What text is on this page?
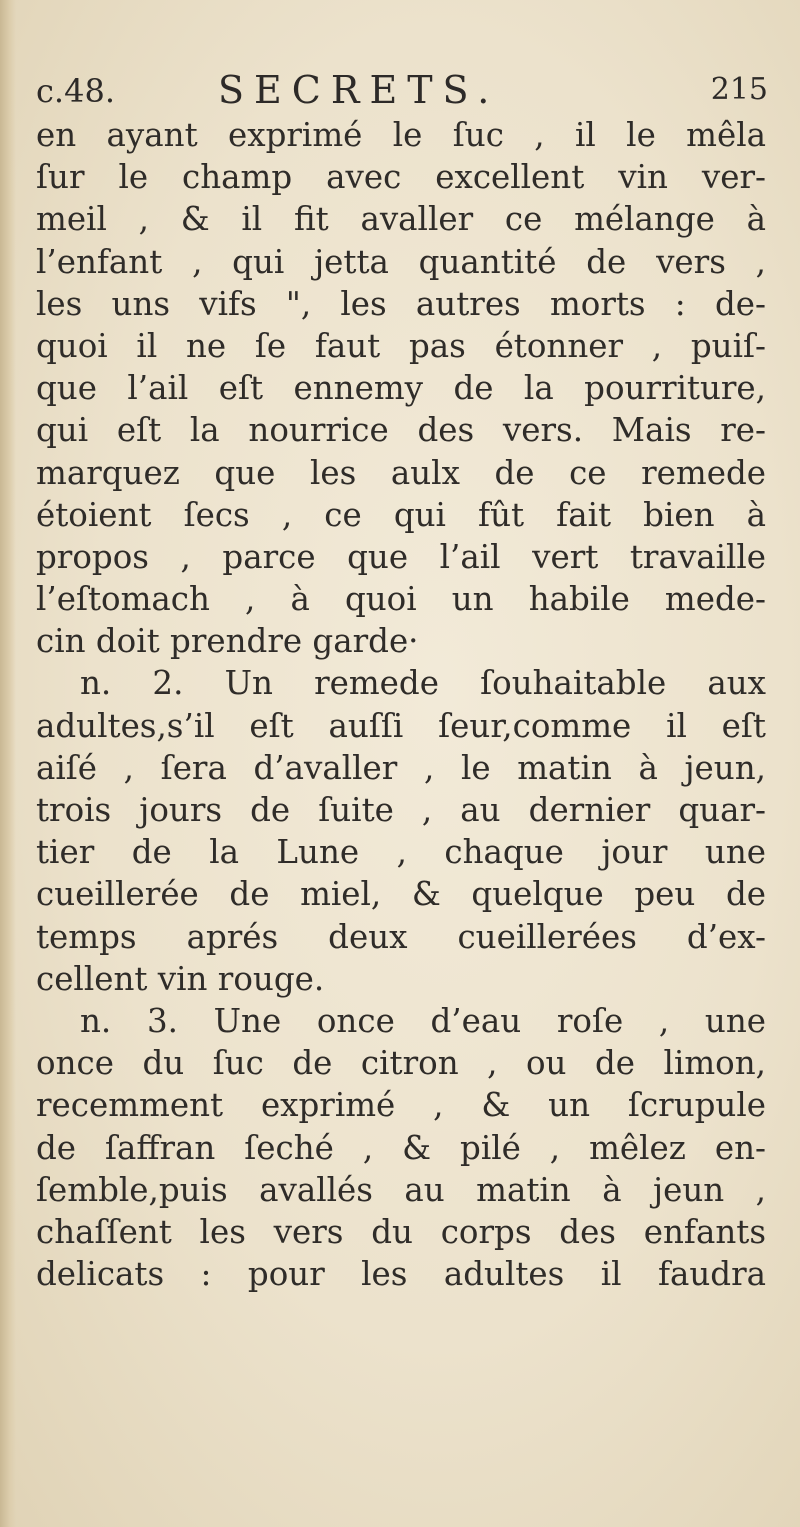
c.48.	SECRETS.	215
en ayant exprimé le ſuc , il le mêla
ſur le champ avec excellent vin ver-
meil , & il fit avaller ce mélange à
l’enfant , qui jetta quantité de vers ,
les uns vifs ", les autres morts : de-
quoi il ne ſe faut pas étonner , puiſ-
que l’ail eſt ennemy de la pourriture,
qui eſt la nourrice des vers. Mais re-
marquez que les aulx de ce remede
étoient ſecs , ce qui fût fait bien à
propos , parce que l’ail vert travaille
l’eſtomach , à quoi un habile mede-
cin doit prendre garde·
n. 2. Un remede ſouhaitable aux
adultes,s’il eſt auſſi ſeur,comme il eſt
aiſé , ſera d’avaller , le matin à jeun,
trois jours de ſuite , au dernier quar-
tier de la Lune , chaque jour une
cueillerée de miel, & quelque peu de
temps aprés deux cueillerées d’ex-
cellent vin rouge.
n. 3. Une once d’eau roſe , une
once du ſuc de citron , ou de limon,
recemment exprimé , & un ſcrupule
de ſaffran ſeché , & pilé , mêlez en-
ſemble,puis avallés au matin à jeun ,
chaſſent les vers du corps des enfants
delicats : pour les adultes il faudra
